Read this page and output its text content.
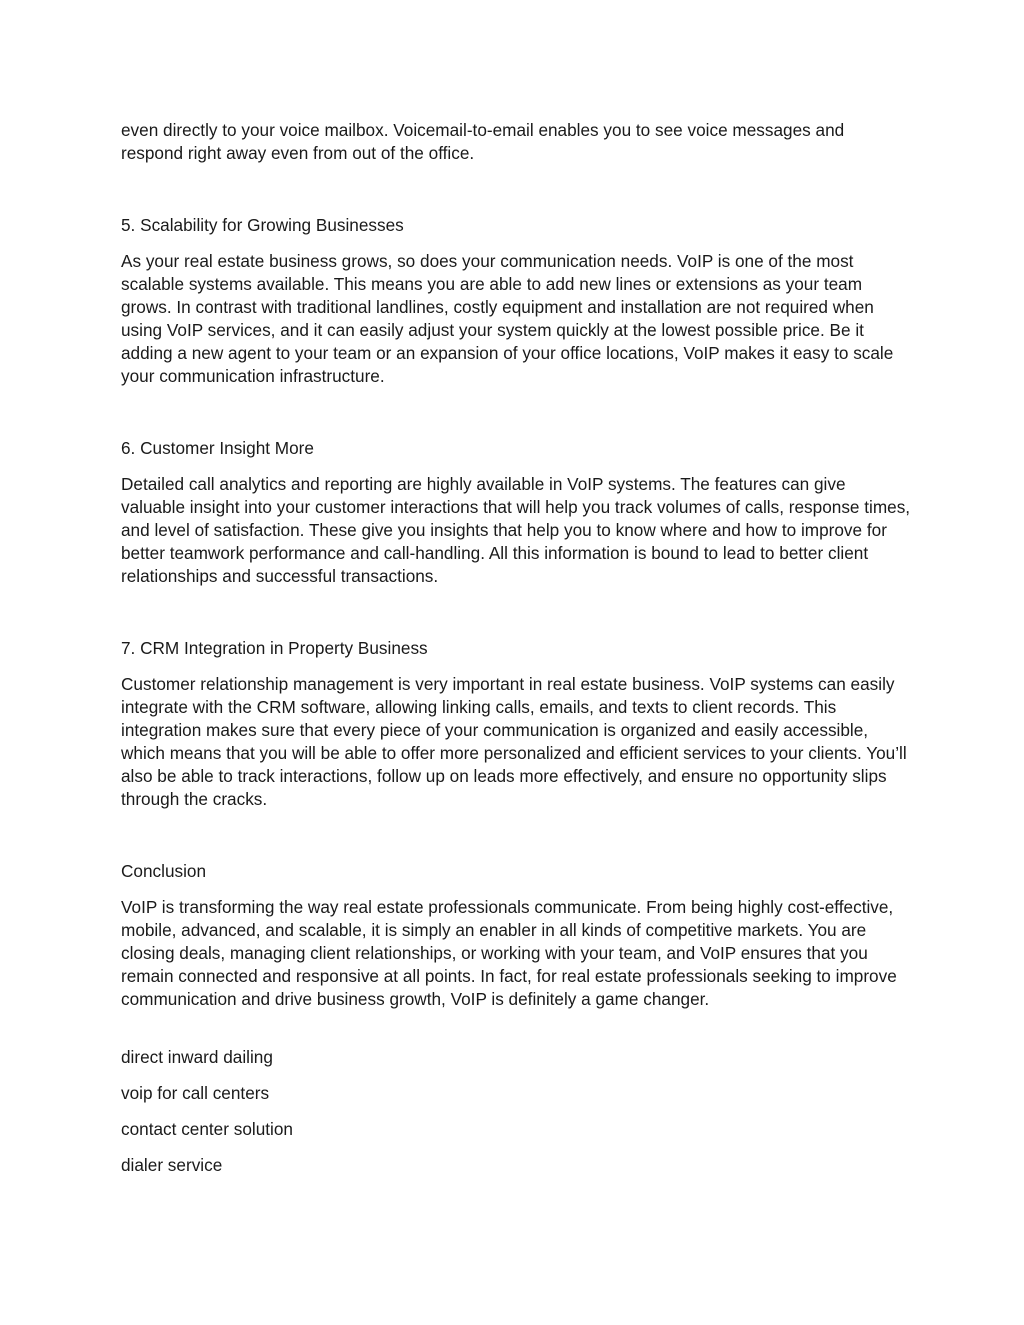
even directly to your voice mailbox. Voicemail-to-email enables you to see voice messages and respond right away even from out of the office.

5. Scalability for Growing Businesses

As your real estate business grows, so does your communication needs. VoIP is one of the most scalable systems available. This means you are able to add new lines or extensions as your team grows. In contrast with traditional landlines, costly equipment and installation are not required when using VoIP services, and it can easily adjust your system quickly at the lowest possible price. Be it adding a new agent to your team or an expansion of your office locations, VoIP makes it easy to scale your communication infrastructure.

6. Customer Insight More

Detailed call analytics and reporting are highly available in VoIP systems. The features can give valuable insight into your customer interactions that will help you track volumes of calls, response times, and level of satisfaction. These give you insights that help you to know where and how to improve for better teamwork performance and call-handling. All this information is bound to lead to better client relationships and successful transactions.

7. CRM Integration in Property Business

Customer relationship management is very important in real estate business. VoIP systems can easily integrate with the CRM software, allowing linking calls, emails, and texts to client records. This integration makes sure that every piece of your communication is organized and easily accessible, which means that you will be able to offer more personalized and efficient services to your clients. You’ll also be able to track interactions, follow up on leads more effectively, and ensure no opportunity slips through the cracks.

Conclusion

VoIP is transforming the way real estate professionals communicate. From being highly cost-effective, mobile, advanced, and scalable, it is simply an enabler in all kinds of competitive markets. You are closing deals, managing client relationships, or working with your team, and VoIP ensures that you remain connected and responsive at all points. In fact, for real estate professionals seeking to improve communication and drive business growth, VoIP is definitely a game changer.

direct inward dailing

voip for call centers

contact center solution

dialer service
